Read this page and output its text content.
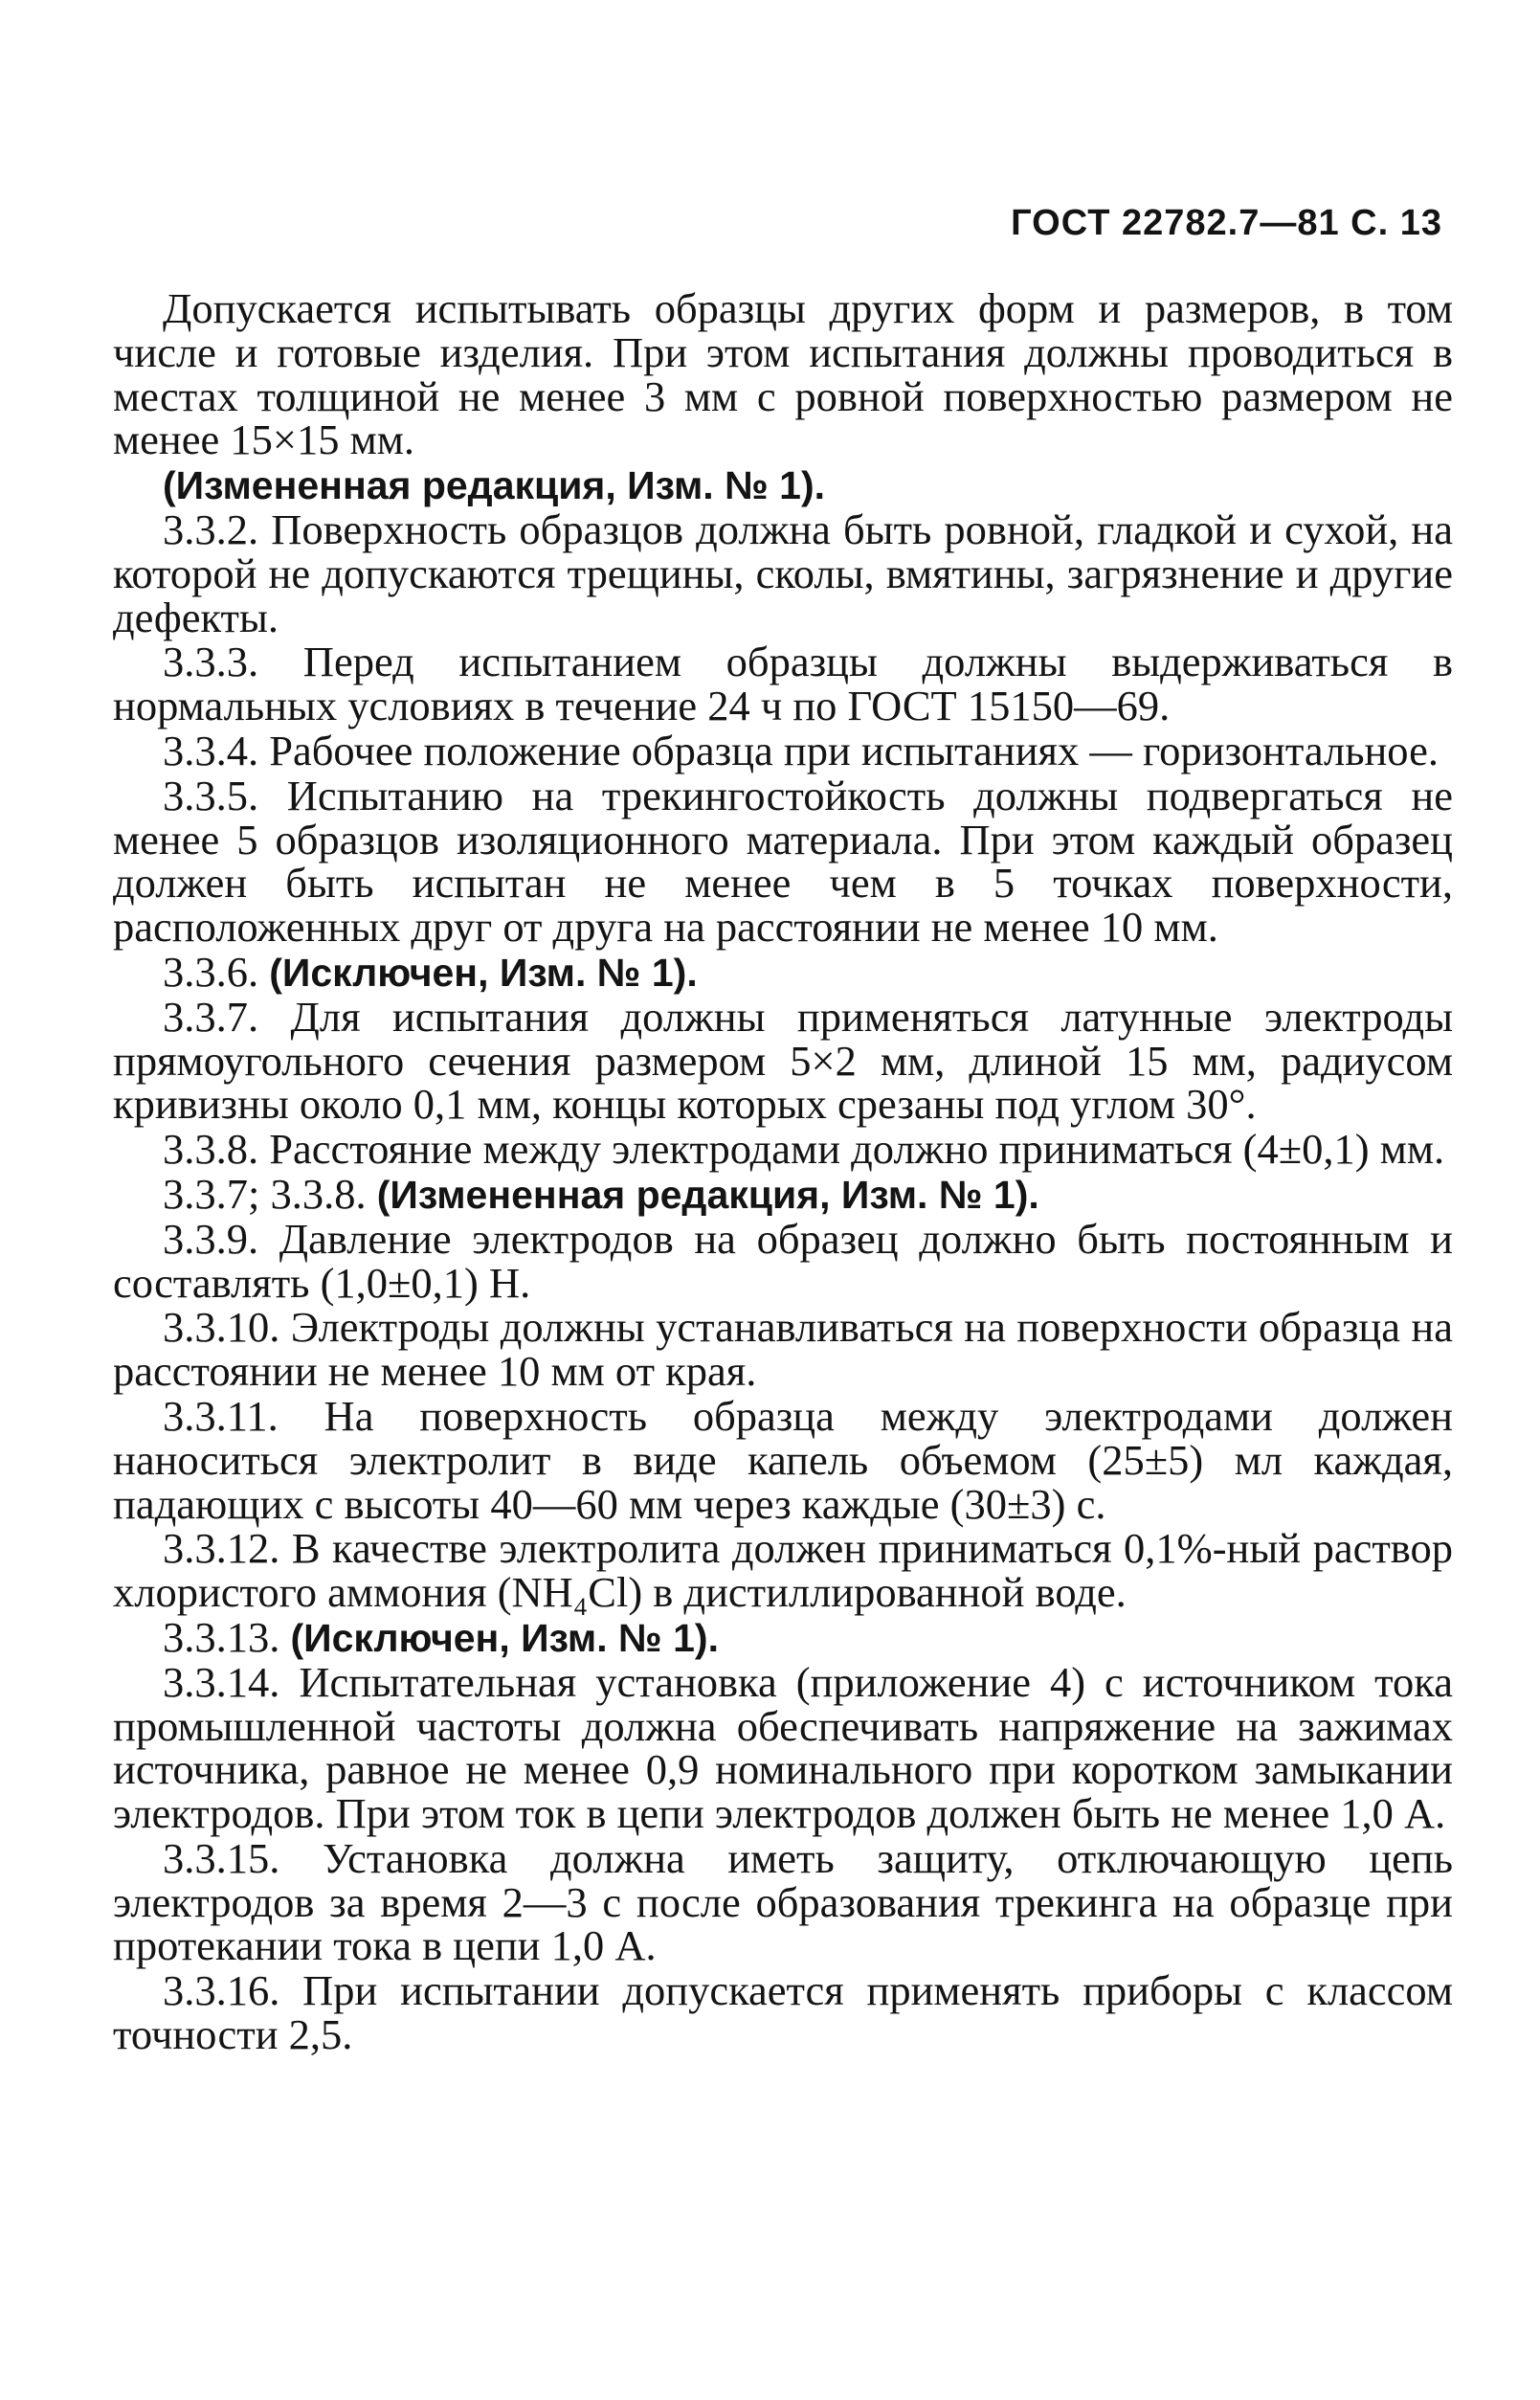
ГОСТ 22782.7—81 С. 13

Допускается испытывать образцы других форм и размеров, в том числе и готовые изделия. При этом испытания должны проводиться в местах толщиной не менее 3 мм с ровной поверхностью размером не менее 15×15 мм.

(Измененная редакция, Изм. № 1).

3.3.2. Поверхность образцов должна быть ровной, гладкой и сухой, на которой не допускаются трещины, сколы, вмятины, загрязнение и другие дефекты.

3.3.3. Перед испытанием образцы должны выдерживаться в нормальных условиях в течение 24 ч по ГОСТ 15150—69.

3.3.4. Рабочее положение образца при испытаниях — горизонтальное.

3.3.5. Испытанию на трекингостойкость должны подвергаться не менее 5 образцов изоляционного материала. При этом каждый образец должен быть испытан не менее чем в 5 точках поверхности, расположенных друг от друга на расстоянии не менее 10 мм.

3.3.6. (Исключен, Изм. № 1).

3.3.7. Для испытания должны применяться латунные электроды прямоугольного сечения размером 5×2 мм, длиной 15 мм, радиусом кривизны около 0,1 мм, концы которых срезаны под углом 30°.

3.3.8. Расстояние между электродами должно приниматься (4±0,1) мм.

3.3.7; 3.3.8. (Измененная редакция, Изм. № 1).

3.3.9. Давление электродов на образец должно быть постоянным и составлять (1,0±0,1) Н.

3.3.10. Электроды должны устанавливаться на поверхности образца на расстоянии не менее 10 мм от края.

3.3.11. На поверхность образца между электродами должен наноситься электролит в виде капель объемом (25±5) мл каждая, падающих с высоты 40—60 мм через каждые (30±3) с.

3.3.12. В качестве электролита должен приниматься 0,1%-ный раствор хлористого аммония (NH₄Cl) в дистиллированной воде.

3.3.13. (Исключен, Изм. № 1).

3.3.14. Испытательная установка (приложение 4) с источником тока промышленной частоты должна обеспечивать напряжение на зажимах источника, равное не менее 0,9 номинального при коротком замыкании электродов. При этом ток в цепи электродов должен быть не менее 1,0 А.

3.3.15. Установка должна иметь защиту, отключающую цепь электродов за время 2—3 с после образования трекинга на образце при протекании тока в цепи 1,0 А.

3.3.16. При испытании допускается применять приборы с классом точности 2,5.
